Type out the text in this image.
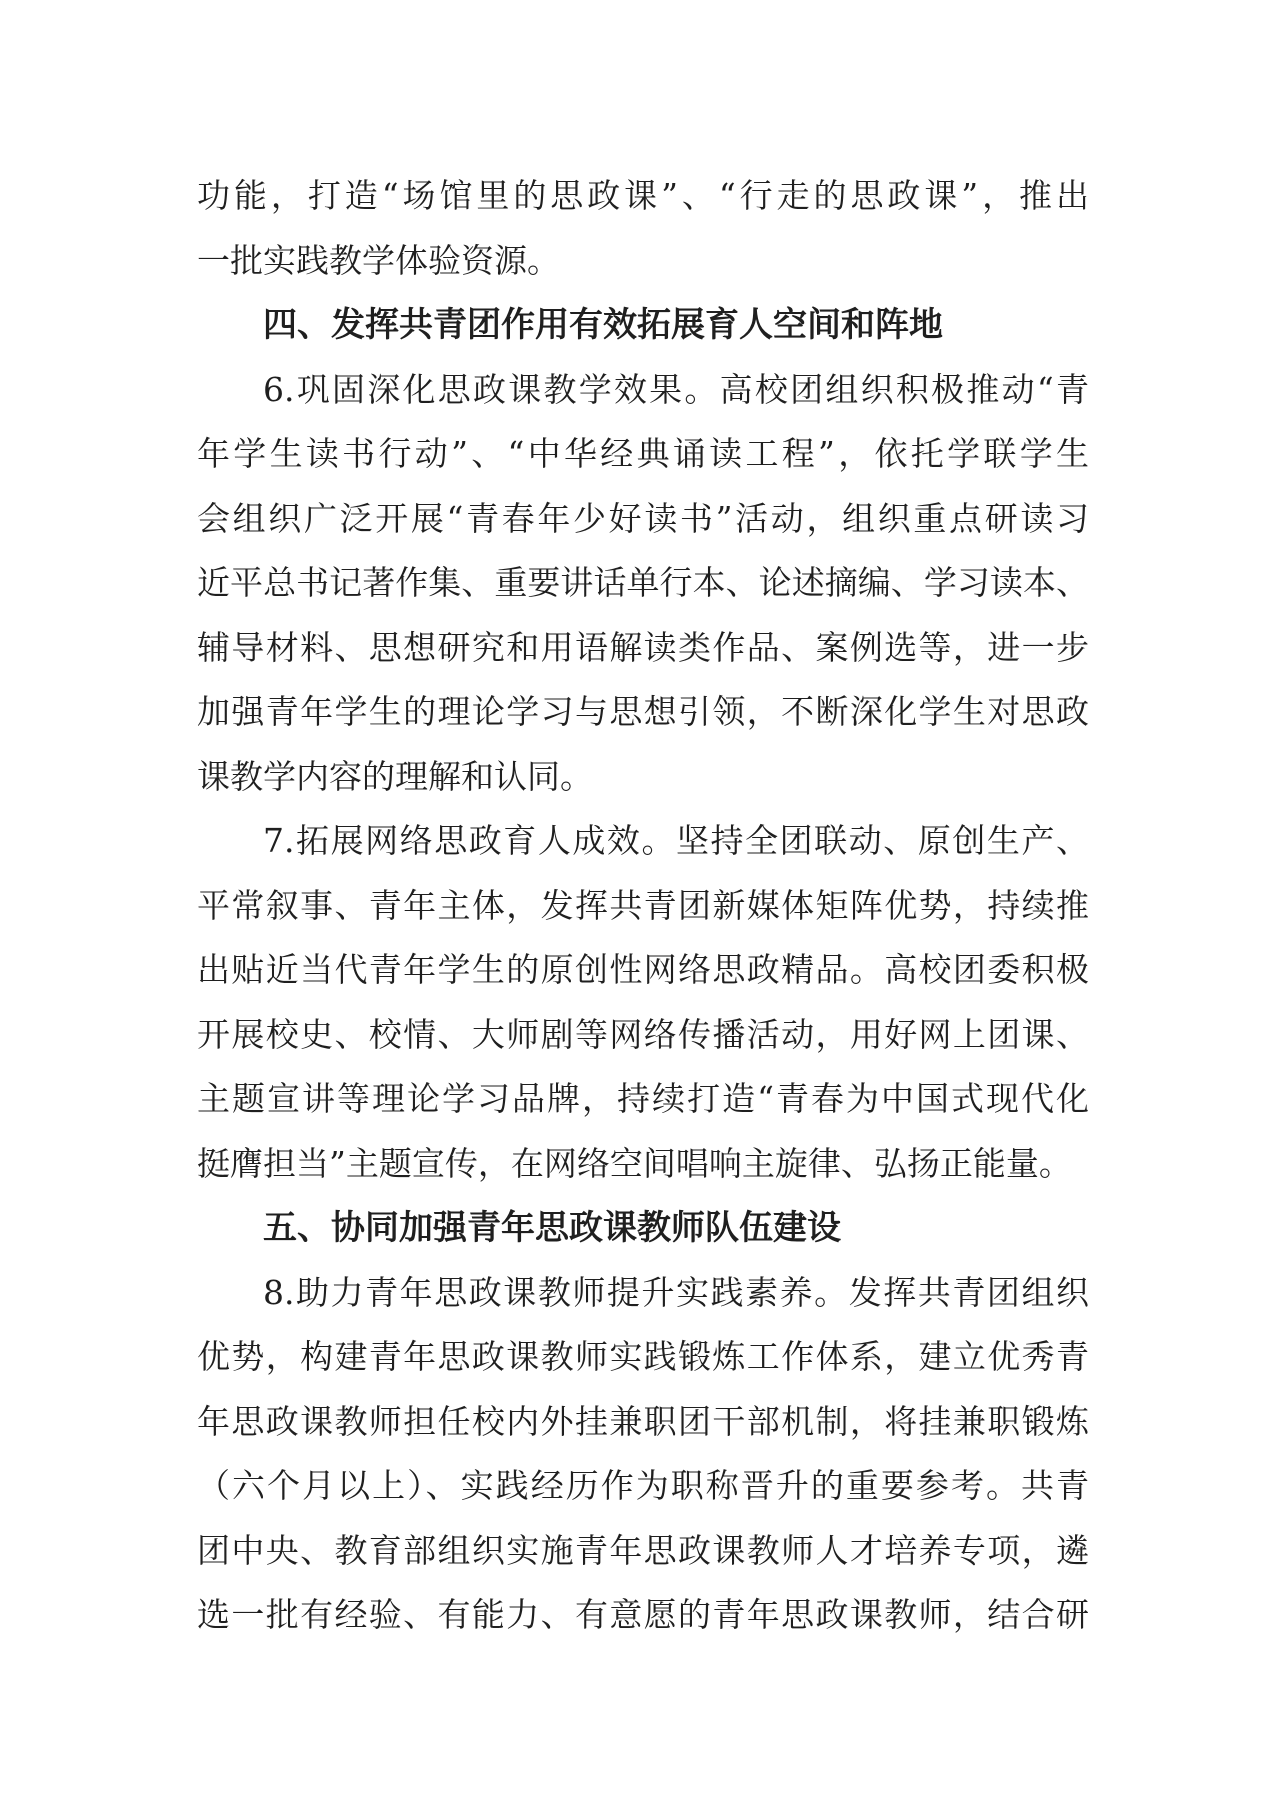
功能，打造“场馆里的思政课”、“行走的思政课”，推出
一批实践教学体验资源。
四、发挥共青团作用有效拓展育人空间和阵地
6.巩固深化思政课教学效果。高校团组织积极推动“青
年学生读书行动”、“中华经典诵读工程”，依托学联学生
会组织广泛开展“青春年少好读书”活动，组织重点研读习
近平总书记著作集、重要讲话单行本、论述摘编、学习读本、
辅导材料、思想研究和用语解读类作品、案例选等，进一步
加强青年学生的理论学习与思想引领，不断深化学生对思政
课教学内容的理解和认同。
7.拓展网络思政育人成效。坚持全团联动、原创生产、
平常叙事、青年主体，发挥共青团新媒体矩阵优势，持续推
出贴近当代青年学生的原创性网络思政精品。高校团委积极
开展校史、校情、大师剧等网络传播活动，用好网上团课、
主题宣讲等理论学习品牌，持续打造“青春为中国式现代化
挺膺担当”主题宣传，在网络空间唱响主旋律、弘扬正能量。
五、协同加强青年思政课教师队伍建设
8.助力青年思政课教师提升实践素养。发挥共青团组织
优势，构建青年思政课教师实践锻炼工作体系，建立优秀青
年思政课教师担任校内外挂兼职团干部机制，将挂兼职锻炼
（六个月以上）、实践经历作为职称晋升的重要参考。共青
团中央、教育部组织实施青年思政课教师人才培养专项，遴
选一批有经验、有能力、有意愿的青年思政课教师，结合研
